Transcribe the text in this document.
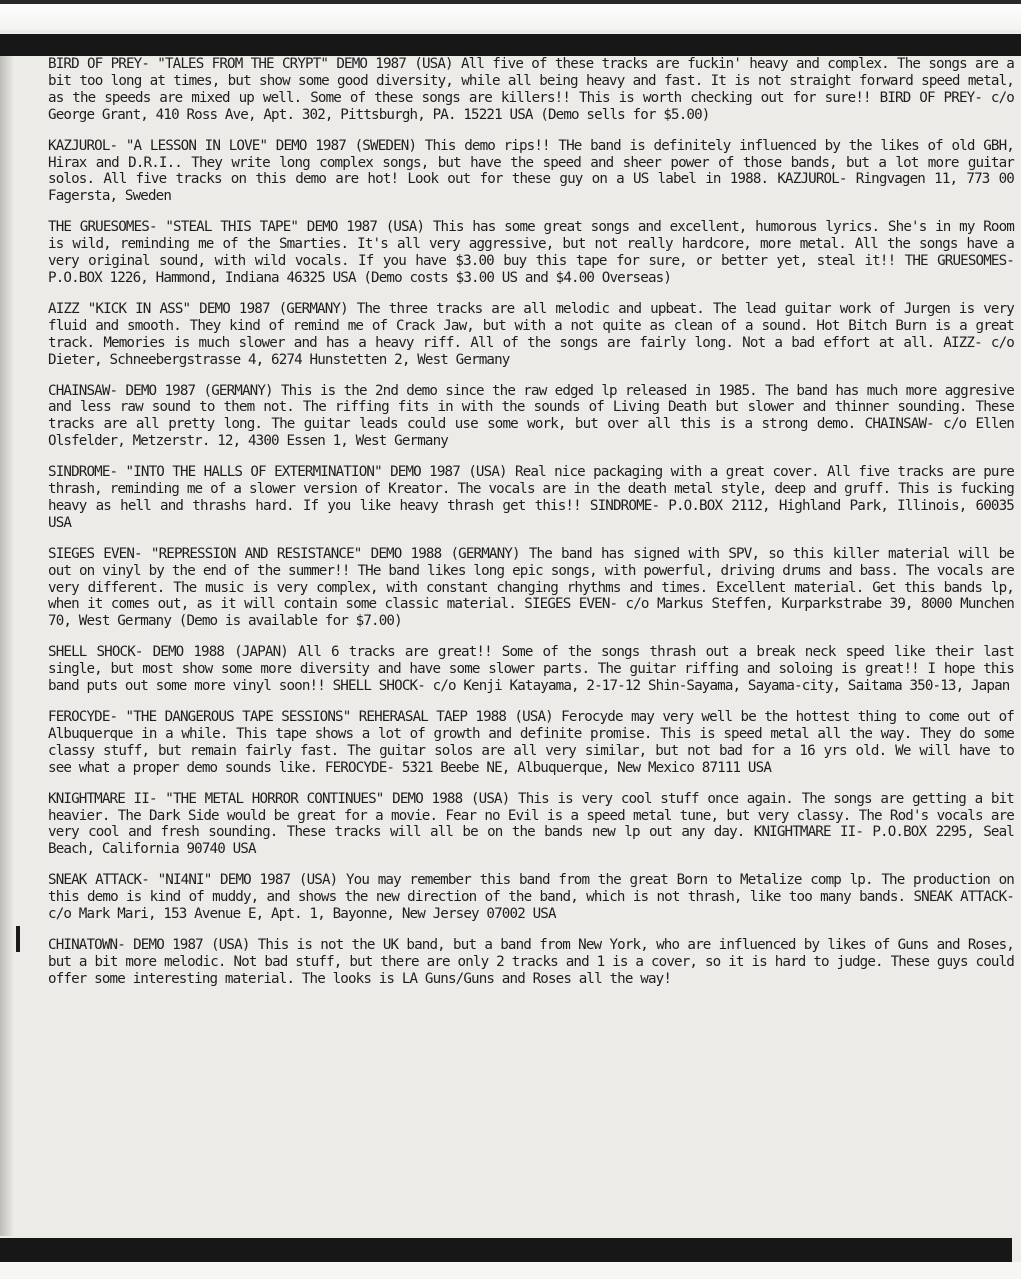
BIRD OF PREY- "TALES FROM THE CRYPT" DEMO 1987 (USA) All five of these tracks are fuckin' heavy and complex. The songs are a bit too long at times, but show some good diversity, while all being heavy and fast. It is not straight forward speed metal, as the speeds are mixed up well. Some of these songs are killers!! This is worth checking out for sure!! BIRD OF PREY- c/o George Grant, 410 Ross Ave, Apt. 302, Pittsburgh, PA. 15221 USA (Demo sells for $5.00)

KAZJUROL- "A LESSON IN LOVE" DEMO 1987 (SWEDEN) This demo rips!! THe band is definitely influenced by the likes of old GBH, Hirax and D.R.I.. They write long complex songs, but have the speed and sheer power of those bands, but a lot more guitar solos. All five tracks on this demo are hot! Look out for these guy on a US label in 1988. KAZJUROL- Ringvagen 11, 773 00 Fagersta, Sweden

THE GRUESOMES- "STEAL THIS TAPE" DEMO 1987 (USA) This has some great songs and excellent, humorous lyrics. She's in my Room is wild, reminding me of the Smarties. It's all very aggressive, but not really hardcore, more metal. All the songs have a very original sound, with wild vocals. If you have $3.00 buy this tape for sure, or better yet, steal it!! THE GRUESOMES- P.O.BOX 1226, Hammond, Indiana 46325 USA (Demo costs $3.00 US and $4.00 Overseas)

AIZZ "KICK IN ASS" DEMO 1987 (GERMANY) The three tracks are all melodic and upbeat. The lead guitar work of Jurgen is very fluid and smooth. They kind of remind me of Crack Jaw, but with a not quite as clean of a sound. Hot Bitch Burn is a great track. Memories is much slower and has a heavy riff. All of the songs are fairly long. Not a bad effort at all. AIZZ- c/o Dieter, Schneebergstrasse 4, 6274 Hunstetten 2, West Germany

CHAINSAW- DEMO 1987 (GERMANY) This is the 2nd demo since the raw edged lp released in 1985. The band has much more aggresive and less raw sound to them not. The riffing fits in with the sounds of Living Death but slower and thinner sounding. These tracks are all pretty long. The guitar leads could use some work, but over all this is a strong demo. CHAINSAW- c/o Ellen Olsfelder, Metzerstr. 12, 4300 Essen 1, West Germany

SINDROME- "INTO THE HALLS OF EXTERMINATION" DEMO 1987 (USA) Real nice packaging with a great cover. All five tracks are pure thrash, reminding me of a slower version of Kreator. The vocals are in the death metal style, deep and gruff. This is fucking heavy as hell and thrashs hard. If you like heavy thrash get this!! SINDROME- P.O.BOX 2112, Highland Park, Illinois, 60035 USA

SIEGES EVEN- "REPRESSION AND RESISTANCE" DEMO 1988 (GERMANY) The band has signed with SPV, so this killer material will be out on vinyl by the end of the summer!! THe band likes long epic songs, with powerful, driving drums and bass. The vocals are very different. The music is very complex, with constant changing rhythms and times. Excellent material. Get this bands lp, when it comes out, as it will contain some classic material. SIEGES EVEN- c/o Markus Steffen, Kurparkstrabe 39, 8000 Munchen 70, West Germany (Demo is available for $7.00)

SHELL SHOCK- DEMO 1988 (JAPAN) All 6 tracks are great!! Some of the songs thrash out a break neck speed like their last single, but most show some more diversity and have some slower parts. The guitar riffing and soloing is great!! I hope this band puts out some more vinyl soon!! SHELL SHOCK- c/o Kenji Katayama, 2-17-12 Shin-Sayama, Sayama-city, Saitama 350-13, Japan

FEROCYDE- "THE DANGEROUS TAPE SESSIONS" REHERASAL TAEP 1988 (USA) Ferocyde may very well be the hottest thing to come out of Albuquerque in a while. This tape shows a lot of growth and definite promise. This is speed metal all the way. They do some classy stuff, but remain fairly fast. The guitar solos are all very similar, but not bad for a 16 yrs old. We will have to see what a proper demo sounds like. FEROCYDE- 5321 Beebe NE, Albuquerque, New Mexico 87111 USA

KNIGHTMARE II- "THE METAL HORROR CONTINUES" DEMO 1988 (USA) This is very cool stuff once again. The songs are getting a bit heavier. The Dark Side would be great for a movie. Fear no Evil is a speed metal tune, but very classy. The Rod's vocals are very cool and fresh sounding. These tracks will all be on the bands new lp out any day. KNIGHTMARE II- P.O.BOX 2295, Seal Beach, California 90740 USA

SNEAK ATTACK- "NI4NI" DEMO 1987 (USA) You may remember this band from the great Born to Metalize comp lp. The production on this demo is kind of muddy, and shows the new direction of the band, which is not thrash, like too many bands. SNEAK ATTACK- c/o Mark Mari, 153 Avenue E, Apt. 1, Bayonne, New Jersey 07002 USA

CHINATOWN- DEMO 1987 (USA) This is not the UK band, but a band from New York, who are influenced by likes of Guns and Roses, but a bit more melodic. Not bad stuff, but there are only 2 tracks and 1 is a cover, so it is hard to judge. These guys could offer some interesting material. The looks is LA Guns/Guns and Roses all the way!
